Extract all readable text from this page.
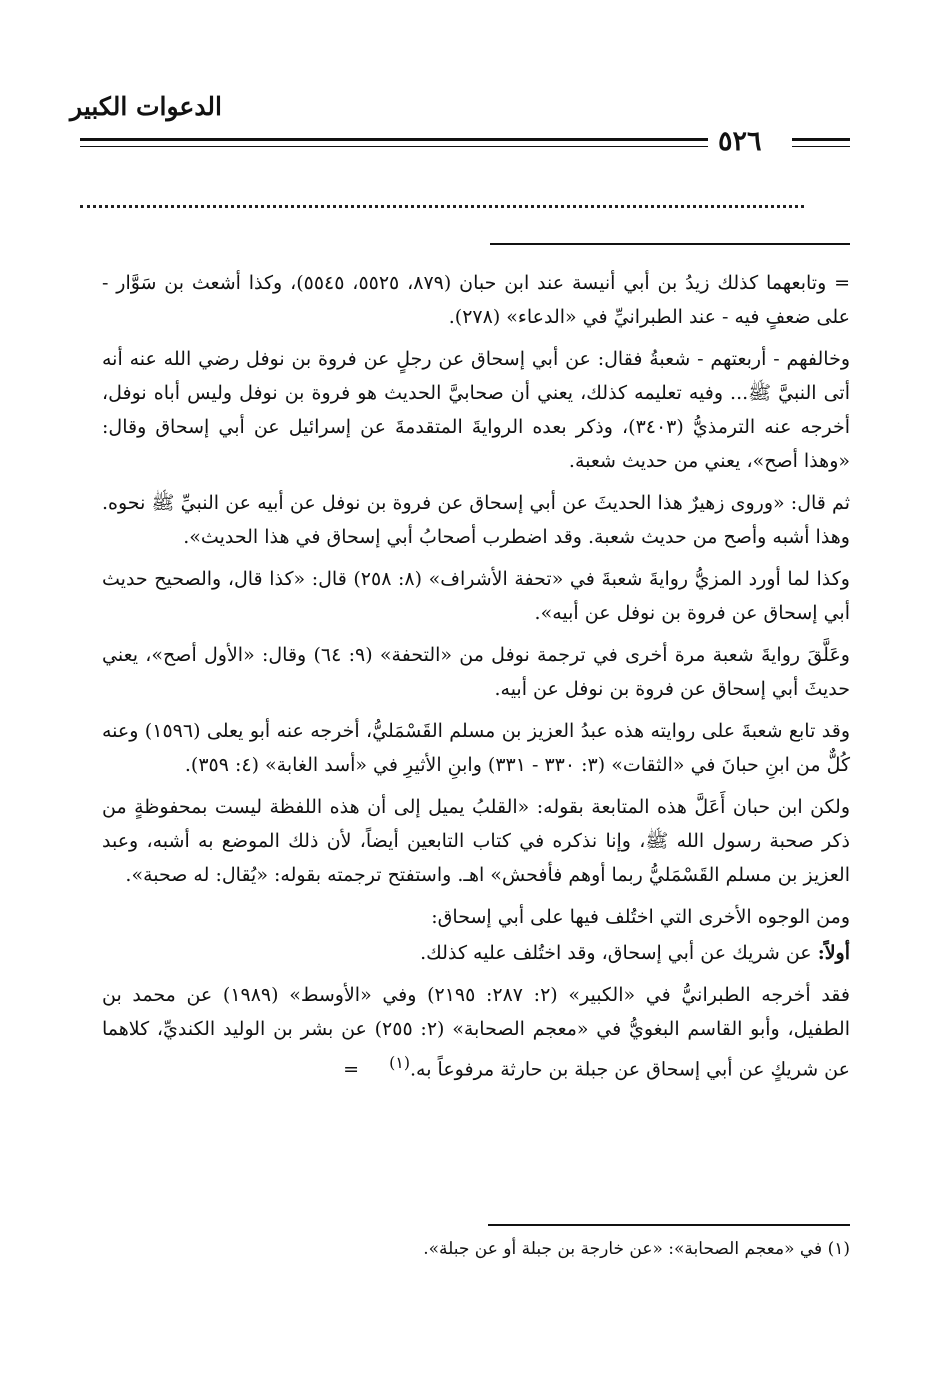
الدعوات الكبير
٥٢٦

= وتابعهما كذلك زيدُ بن أبي أنيسة عند ابن حبان (٨٧٩، ٥٥٢٥، ٥٥٤٥)، وكذا أشعث بن سَوَّار - على ضعفٍ فيه - عند الطبرانيِّ في «الدعاء» (٢٧٨).

وخالفهم - أربعتهم - شعبةُ فقال: عن أبي إسحاق عن رجلٍ عن فروة بن نوفل رضي الله عنه أنه أتى النبيَّ ﷺ... وفيه تعليمه كذلك، يعني أن صحابيَّ الحديث هو فروة بن نوفل وليس أباه نوفل، أخرجه عنه الترمذيُّ (٣٤٠٣)، وذكر بعده الروايةَ المتقدمةَ عن إسرائيل عن أبي إسحاق وقال: «وهذا أصح»، يعني من حديث شعبة.

ثم قال: «وروى زهيرٌ هذا الحديثَ عن أبي إسحاق عن فروة بن نوفل عن أبيه عن النبيِّ ﷺ نحوه. وهذا أشبه وأصح من حديث شعبة. وقد اضطرب أصحابُ أبي إسحاق في هذا الحديث».

وكذا لما أورد المزيُّ روايةَ شعبةَ في «تحفة الأشراف» (٨: ٢٥٨) قال: «كذا قال، والصحيح حديث أبي إسحاق عن فروة بن نوفل عن أبيه».

وعَلَّقَ روايةَ شعبة مرة أخرى في ترجمة نوفل من «التحفة» (٩: ٦٤) وقال: «الأول أصح»، يعني حديثَ أبي إسحاق عن فروة بن نوفل عن أبيه.

وقد تابع شعبةَ على روايته هذه عبدُ العزيز بن مسلم القَسْمَليُّ، أخرجه عنه أبو يعلى (١٥٩٦) وعنه كُلٌّ من ابنِ حبانَ في «الثقات» (٣: ٣٣٠ - ٣٣١) وابنِ الأثيرِ في «أسد الغابة» (٤: ٣٥٩).

ولكن ابن حبان أَعَلَّ هذه المتابعة بقوله: «القلبُ يميل إلى أن هذه اللفظة ليست بمحفوظةٍ من ذكر صحبة رسول الله ﷺ، وإنا نذكره في كتاب التابعين أيضاً، لأن ذلك الموضع به أشبه، وعبد العزيز بن مسلم القَسْمَليُّ ربما أوهم فأفحش» اهـ. واستفتح ترجمته بقوله: «يُقال: له صحبة».

ومن الوجوه الأخرى التي اختُلف فيها على أبي إسحاق:

أولاً: عن شريك عن أبي إسحاق، وقد اختُلف عليه كذلك.

فقد أخرجه الطبرانيُّ في «الكبير» (٢: ٢٨٧: ٢١٩٥) وفي «الأوسط» (١٩٨٩) عن محمد بن الطفيل، وأبو القاسم البغويُّ في «معجم الصحابة» (٢: ٢٥٥) عن بشر بن الوليد الكنديِّ، كلاهما عن شريكٍ عن أبي إسحاق عن جبلة بن حارثة مرفوعاً به.$^{(١)}$ =

(١) في «معجم الصحابة»: «عن خارجة بن جبلة أو عن جبلة».
